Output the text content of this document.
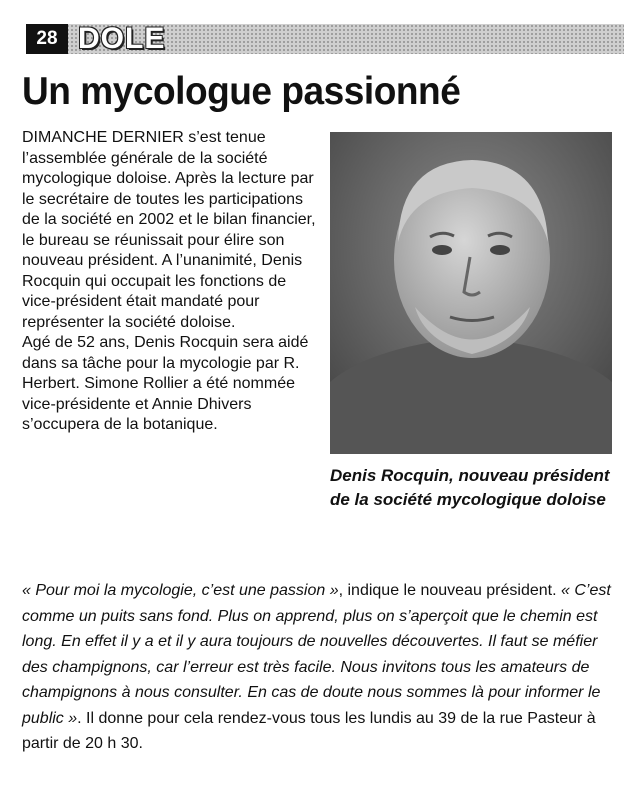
28 DOLE
Un mycologue passionné

DIMANCHE DERNIER s’est tenue l’assemblée générale de la société mycologique doloise. Après la lecture par le secrétaire de toutes les participations de la société en 2002 et le bilan financier, le bureau se réunissait pour élire son nouveau président. A l’unanimité, Denis Rocquin qui occupait les fonctions de vice-président était mandaté pour représenter la société doloise.

Agé de 52 ans, Denis Rocquin sera aidé dans sa tâche pour la mycologie par R. Herbert. Simone Rollier a été nommée vice-présidente et Annie Dhivers s’occupera de la botanique.

Denis Rocquin, nouveau président de la société mycologique doloise

« Pour moi la mycologie, c’est une passion », indique le nouveau président. « C’est comme un puits sans fond. Plus on apprend, plus on s’aperçoit que le chemin est long. En effet il y a et il y aura toujours de nouvelles découvertes. Il faut se méfier des champignons, car l’erreur est très facile. Nous invitons tous les amateurs de champignons à nous consulter. En cas de doute nous sommes là pour informer le public ». Il donne pour cela rendez-vous tous les lundis au 39 de la rue Pasteur à partir de 20 h 30.
